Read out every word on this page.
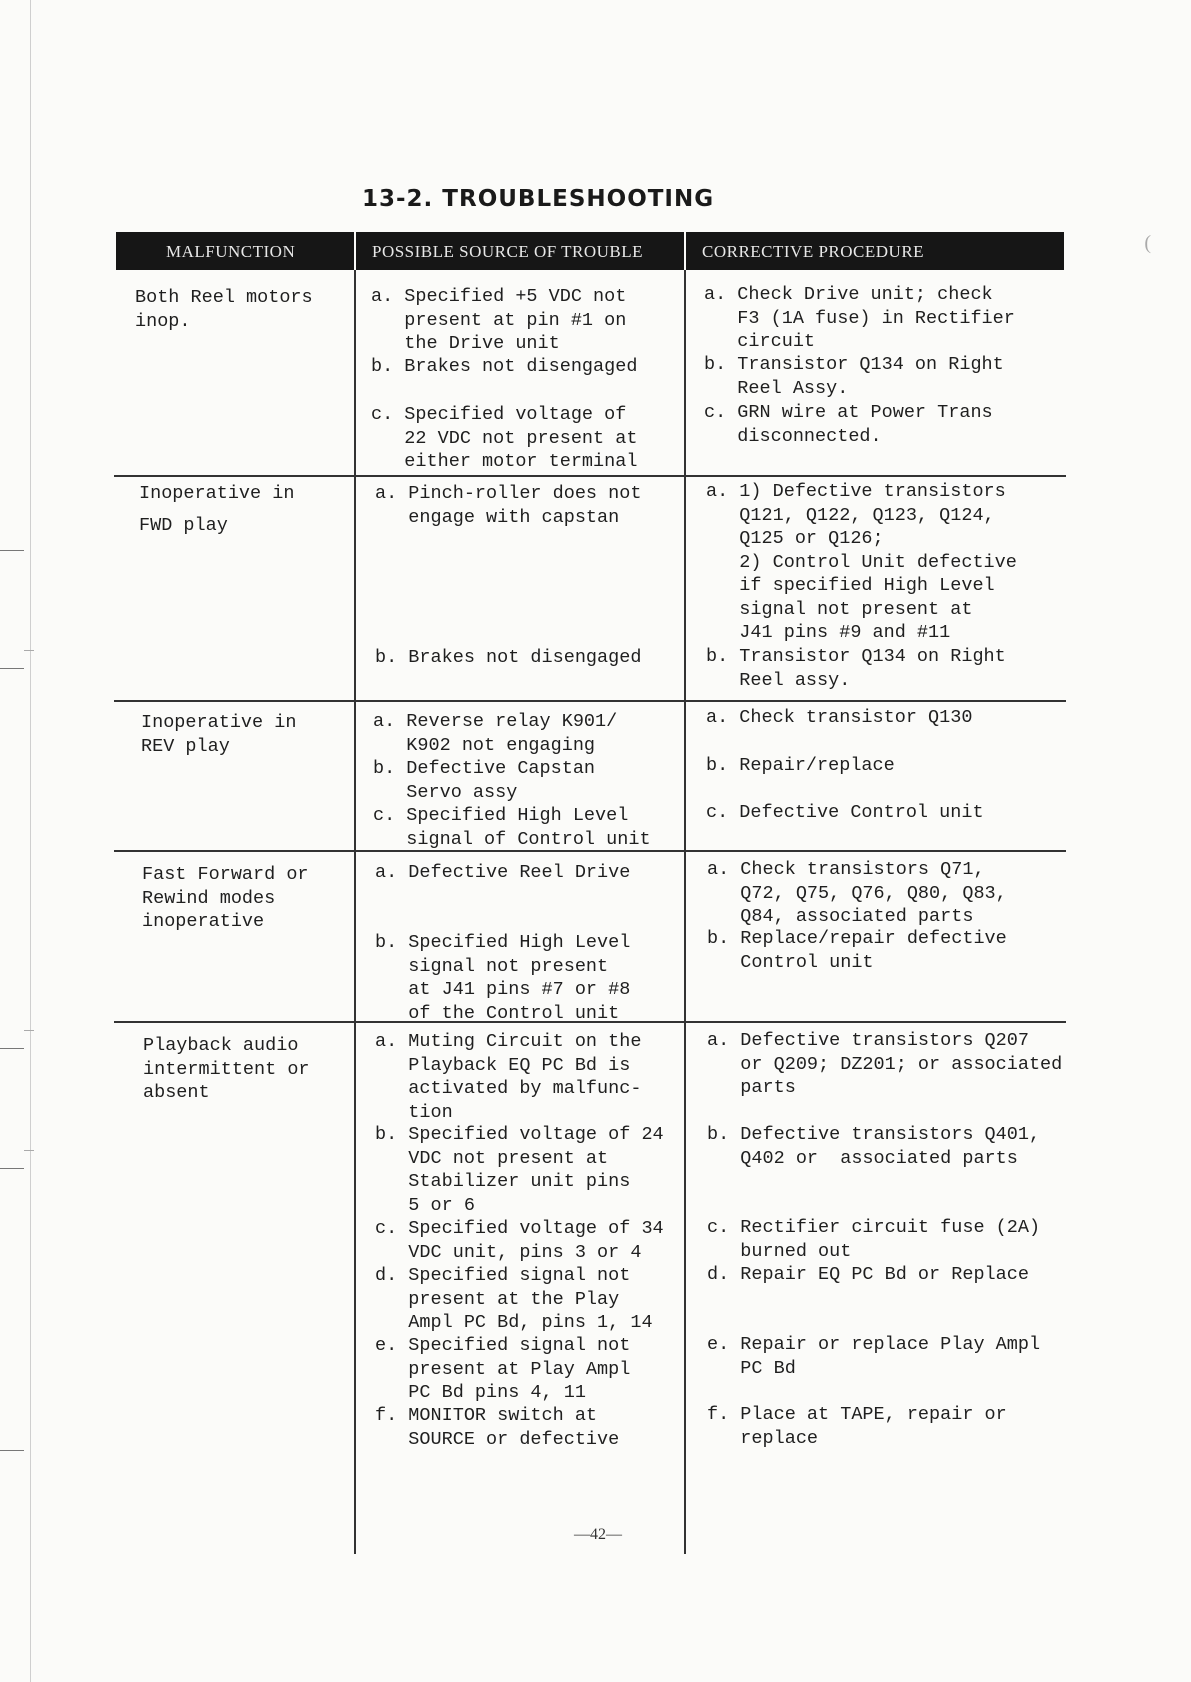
(
13-2. TROUBLESHOOTING
MALFUNCTION	POSSIBLE SOURCE OF TROUBLE	CORRECTIVE PROCEDURE
Both Reel motors
inop.
a. Specified +5 VDC not
present at pin #1 on
the Drive unit
b. Brakes not disengaged
c. Specified voltage of
22 VDC not present at
either motor terminal
a. Check Drive unit; check
F3 (1A fuse) in Rectifier
circuit
b. Transistor Q134 on Right
Reel Assy.
c. GRN wire at Power Trans
disconnected.
Inoperative in

FWD play
a. Pinch-roller does not
engage with capstan
b. Brakes not disengaged
a. 1) Defective transistors
Q121, Q122, Q123, Q124,
Q125 or Q126;
2) Control Unit defective
if specified High Level
signal not present at
J41 pins #9 and #11
b. Transistor Q134 on Right
Reel assy.
Inoperative in
REV play
a. Reverse relay K901/
K902 not engaging
b. Defective Capstan
Servo assy
c. Specified High Level
signal of Control unit
a. Check transistor Q130
b. Repair/replace
c. Defective Control unit
Fast Forward or
Rewind modes
inoperative
a. Defective Reel Drive
b. Specified High Level
signal not present
at J41 pins #7 or #8
of the Control unit
a. Check transistors Q71,
Q72, Q75, Q76, Q80, Q83,
Q84, associated parts
b. Replace/repair defective
Control unit
Playback audio
intermittent or
absent
a. Muting Circuit on the
Playback EQ PC Bd is
activated by malfunc-
tion
b. Specified voltage of 24
VDC not present at
Stabilizer unit pins
5 or 6
c. Specified voltage of 34
VDC unit, pins 3 or 4
d. Specified signal not
present at the Play
Ampl PC Bd, pins 1, 14
e. Specified signal not
present at Play Ampl
PC Bd pins 4, 11
f. MONITOR switch at
SOURCE or defective
a. Defective transistors Q207
or Q209; DZ201; or associated
parts
b. Defective transistors Q401,
Q402 or  associated parts
c. Rectifier circuit fuse (2A)
burned out
d. Repair EQ PC Bd or Replace
e. Repair or replace Play Ampl
PC Bd
f. Place at TAPE, repair or
replace
—42—
